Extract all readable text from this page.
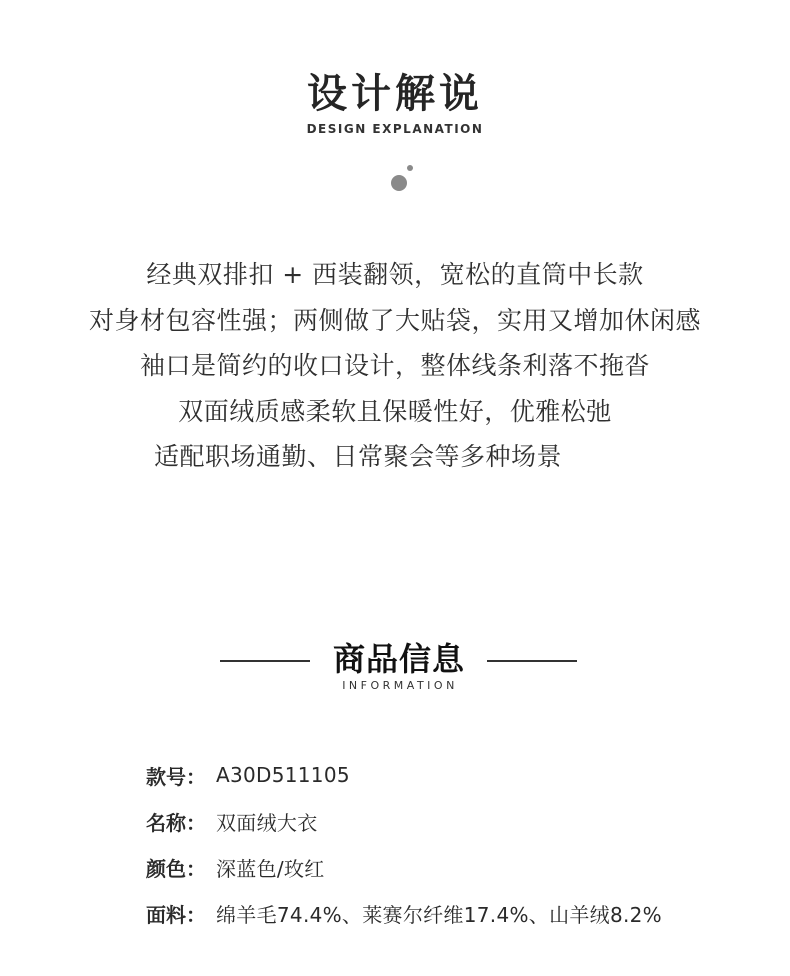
设计解说
DESIGN EXPLANATION

经典双排扣 + 西装翻领，宽松的直筒中长款

对身材包容性强；两侧做了大贴袋，实用又增加休闲感

袖口是简约的收口设计，整体线条利落不拖沓

双面绒质感柔软且保暖性好，优雅松弛

适配职场通勤、日常聚会等多种场景

商品信息
INFORMATION
款号： A30D511105
名称： 双面绒大衣
颜色： 深蓝色/玫红
面料： 绵羊毛74.4%、莱赛尔纤维17.4%、山羊绒8.2%
